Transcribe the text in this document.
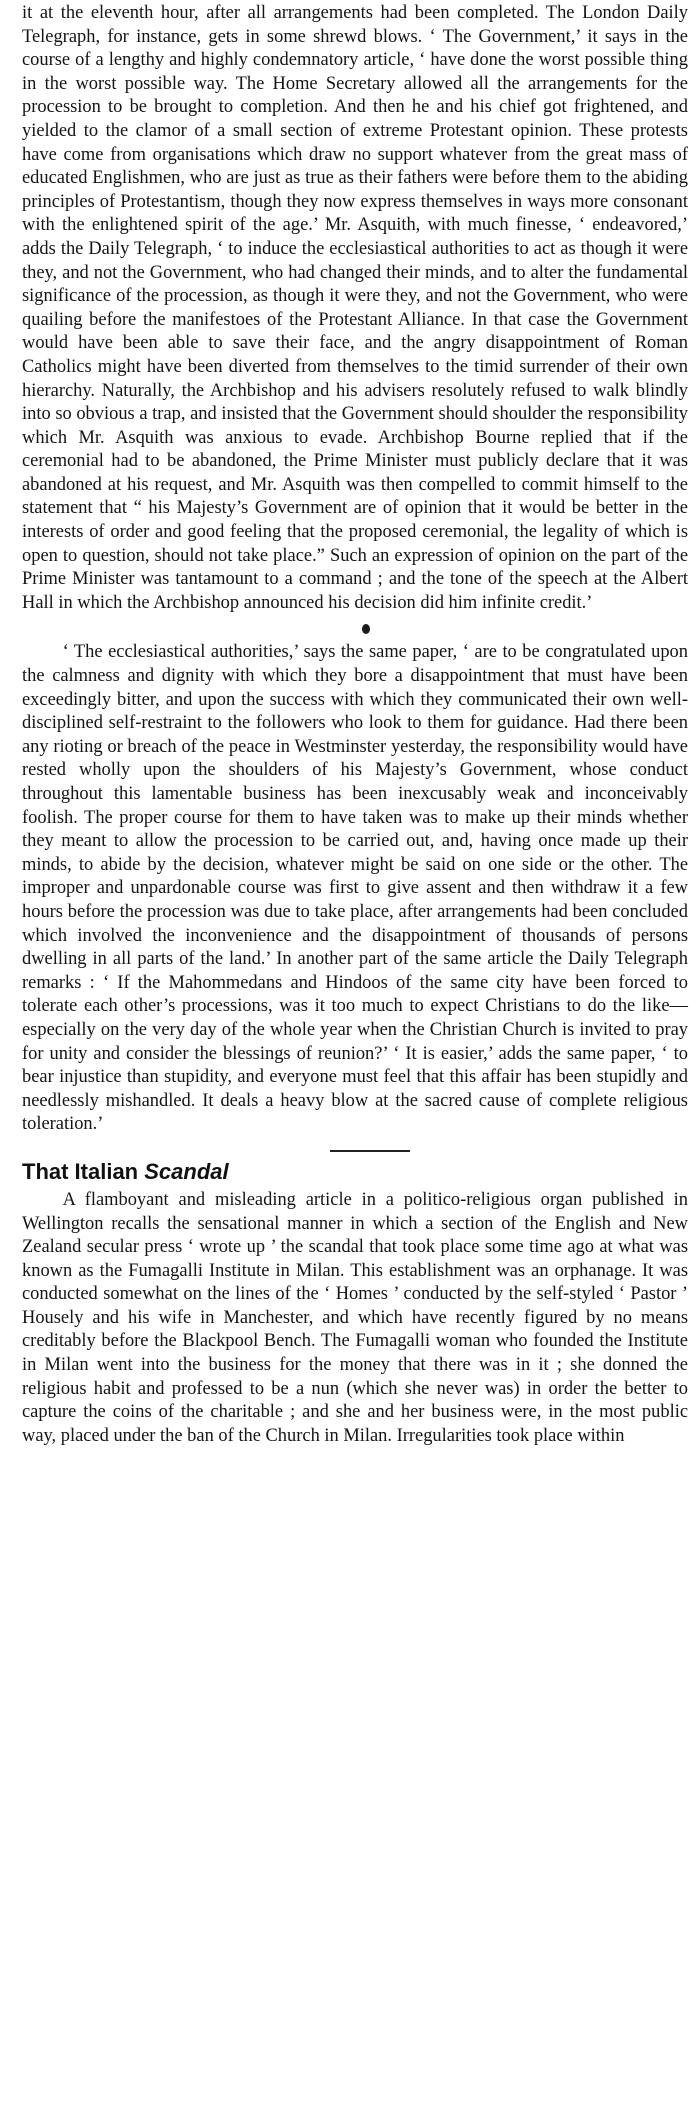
it at the eleventh hour, after all arrangements had been completed. The London Daily Telegraph, for instance, gets in some shrewd blows. ‘ The Government,’ it says in the course of a lengthy and highly condemnatory article, ‘ have done the worst possible thing in the worst possible way. The Home Secretary allowed all the arrangements for the procession to be brought to completion. And then he and his chief got frightened, and yielded to the clamor of a small section of extreme Protestant opinion. These protests have come from organisations which draw no support whatever from the great mass of educated Englishmen, who are just as true as their fathers were before them to the abiding principles of Protestantism, though they now express themselves in ways more consonant with the enlightened spirit of the age.’ Mr. Asquith, with much finesse, ‘ endeavored,’ adds the Daily Telegraph, ‘ to induce the ecclesiastical authorities to act as though it were they, and not the Government, who had changed their minds, and to alter the fundamental significance of the procession, as though it were they, and not the Government, who were quailing before the manifestoes of the Protestant Alliance. In that case the Government would have been able to save their face, and the angry disappointment of Roman Catholics might have been diverted from themselves to the timid surrender of their own hierarchy. Naturally, the Archbishop and his advisers resolutely refused to walk blindly into so obvious a trap, and insisted that the Government should shoulder the responsibility which Mr. Asquith was anxious to evade. Archbishop Bourne replied that if the ceremonial had to be abandoned, the Prime Minister must publicly declare that it was abandoned at his request, and Mr. Asquith was then compelled to commit himself to the statement that “ his Majesty’s Government are of opinion that it would be better in the interests of order and good feeling that the proposed ceremonial, the legality of which is open to question, should not take place.” Such an expression of opinion on the part of the Prime Minister was tantamount to a command ; and the tone of the speech at the Albert Hall in which the Archbishop announced his decision did him infinite credit.’

‘ The ecclesiastical authorities,’ says the same paper, ‘ are to be congratulated upon the calmness and dignity with which they bore a disappointment that must have been exceedingly bitter, and upon the success with which they communicated their own well-disciplined self-restraint to the followers who look to them for guidance. Had there been any rioting or breach of the peace in Westminster yesterday, the responsibility would have rested wholly upon the shoulders of his Majesty’s Government, whose conduct throughout this lamentable business has been inexcusably weak and inconceivably foolish. The proper course for them to have taken was to make up their minds whether they meant to allow the procession to be carried out, and, having once made up their minds, to abide by the decision, whatever might be said on one side or the other. The improper and unpardonable course was first to give assent and then withdraw it a few hours before the procession was due to take place, after arrangements had been concluded which involved the inconvenience and the disappointment of thousands of persons dwelling in all parts of the land.’ In another part of the same article the Daily Telegraph remarks : ‘ If the Mahommedans and Hindoos of the same city have been forced to tolerate each other’s processions, was it too much to expect Christians to do the like—especially on the very day of the whole year when the Christian Church is invited to pray for unity and consider the blessings of reunion?’ ‘ It is easier,’ adds the same paper, ‘ to bear injustice than stupidity, and everyone must feel that this affair has been stupidly and needlessly mishandled. It deals a heavy blow at the sacred cause of complete religious toleration.’

That Italian Scandal

A flamboyant and misleading article in a politico-religious organ published in Wellington recalls the sensational manner in which a section of the English and New Zealand secular press ‘ wrote up ’ the scandal that took place some time ago at what was known as the Fumagalli Institute in Milan. This establishment was an orphanage. It was conducted somewhat on the lines of the ‘ Homes ’ conducted by the self-styled ‘ Pastor ’ Housely and his wife in Manchester, and which have recently figured by no means creditably before the Blackpool Bench. The Fumagalli woman who founded the Institute in Milan went into the business for the money that there was in it ; she donned the religious habit and professed to be a nun (which she never was) in order the better to capture the coins of the charitable ; and she and her business were, in the most public way, placed under the ban of the Church in Milan. Irregularities took place within
